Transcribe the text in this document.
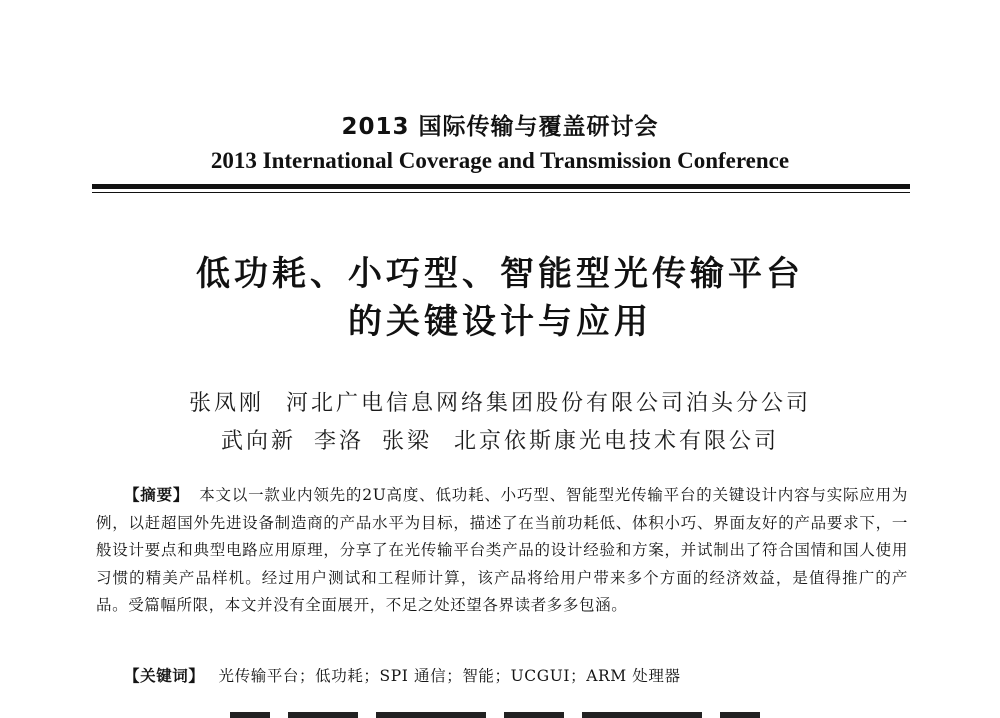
2013 国际传输与覆盖研讨会
2013 International Coverage and Transmission Conference
低功耗、小巧型、智能型光传输平台
的关键设计与应用
张凤刚 河北广电信息网络集团股份有限公司泊头分公司
武向新 李洛 张梁 北京依斯康光电技术有限公司
【摘要】 本文以一款业内领先的2U高度、低功耗、小巧型、智能型光传输平台的关键设计内容与实际应用为例，以赶超国外先进设备制造商的产品水平为目标，描述了在当前功耗低、体积小巧、界面友好的产品要求下，一般设计要点和典型电路应用原理，分享了在光传输平台类产品的设计经验和方案，并试制出了符合国情和国人使用习惯的精美产品样机。经过用户测试和工程师计算，该产品将给用户带来多个方面的经济效益，是值得推广的产品。受篇幅所限，本文并没有全面展开，不足之处还望各界读者多多包涵。
【关键词】 光传输平台；低功耗；SPI 通信；智能；UCGUI；ARM 处理器
